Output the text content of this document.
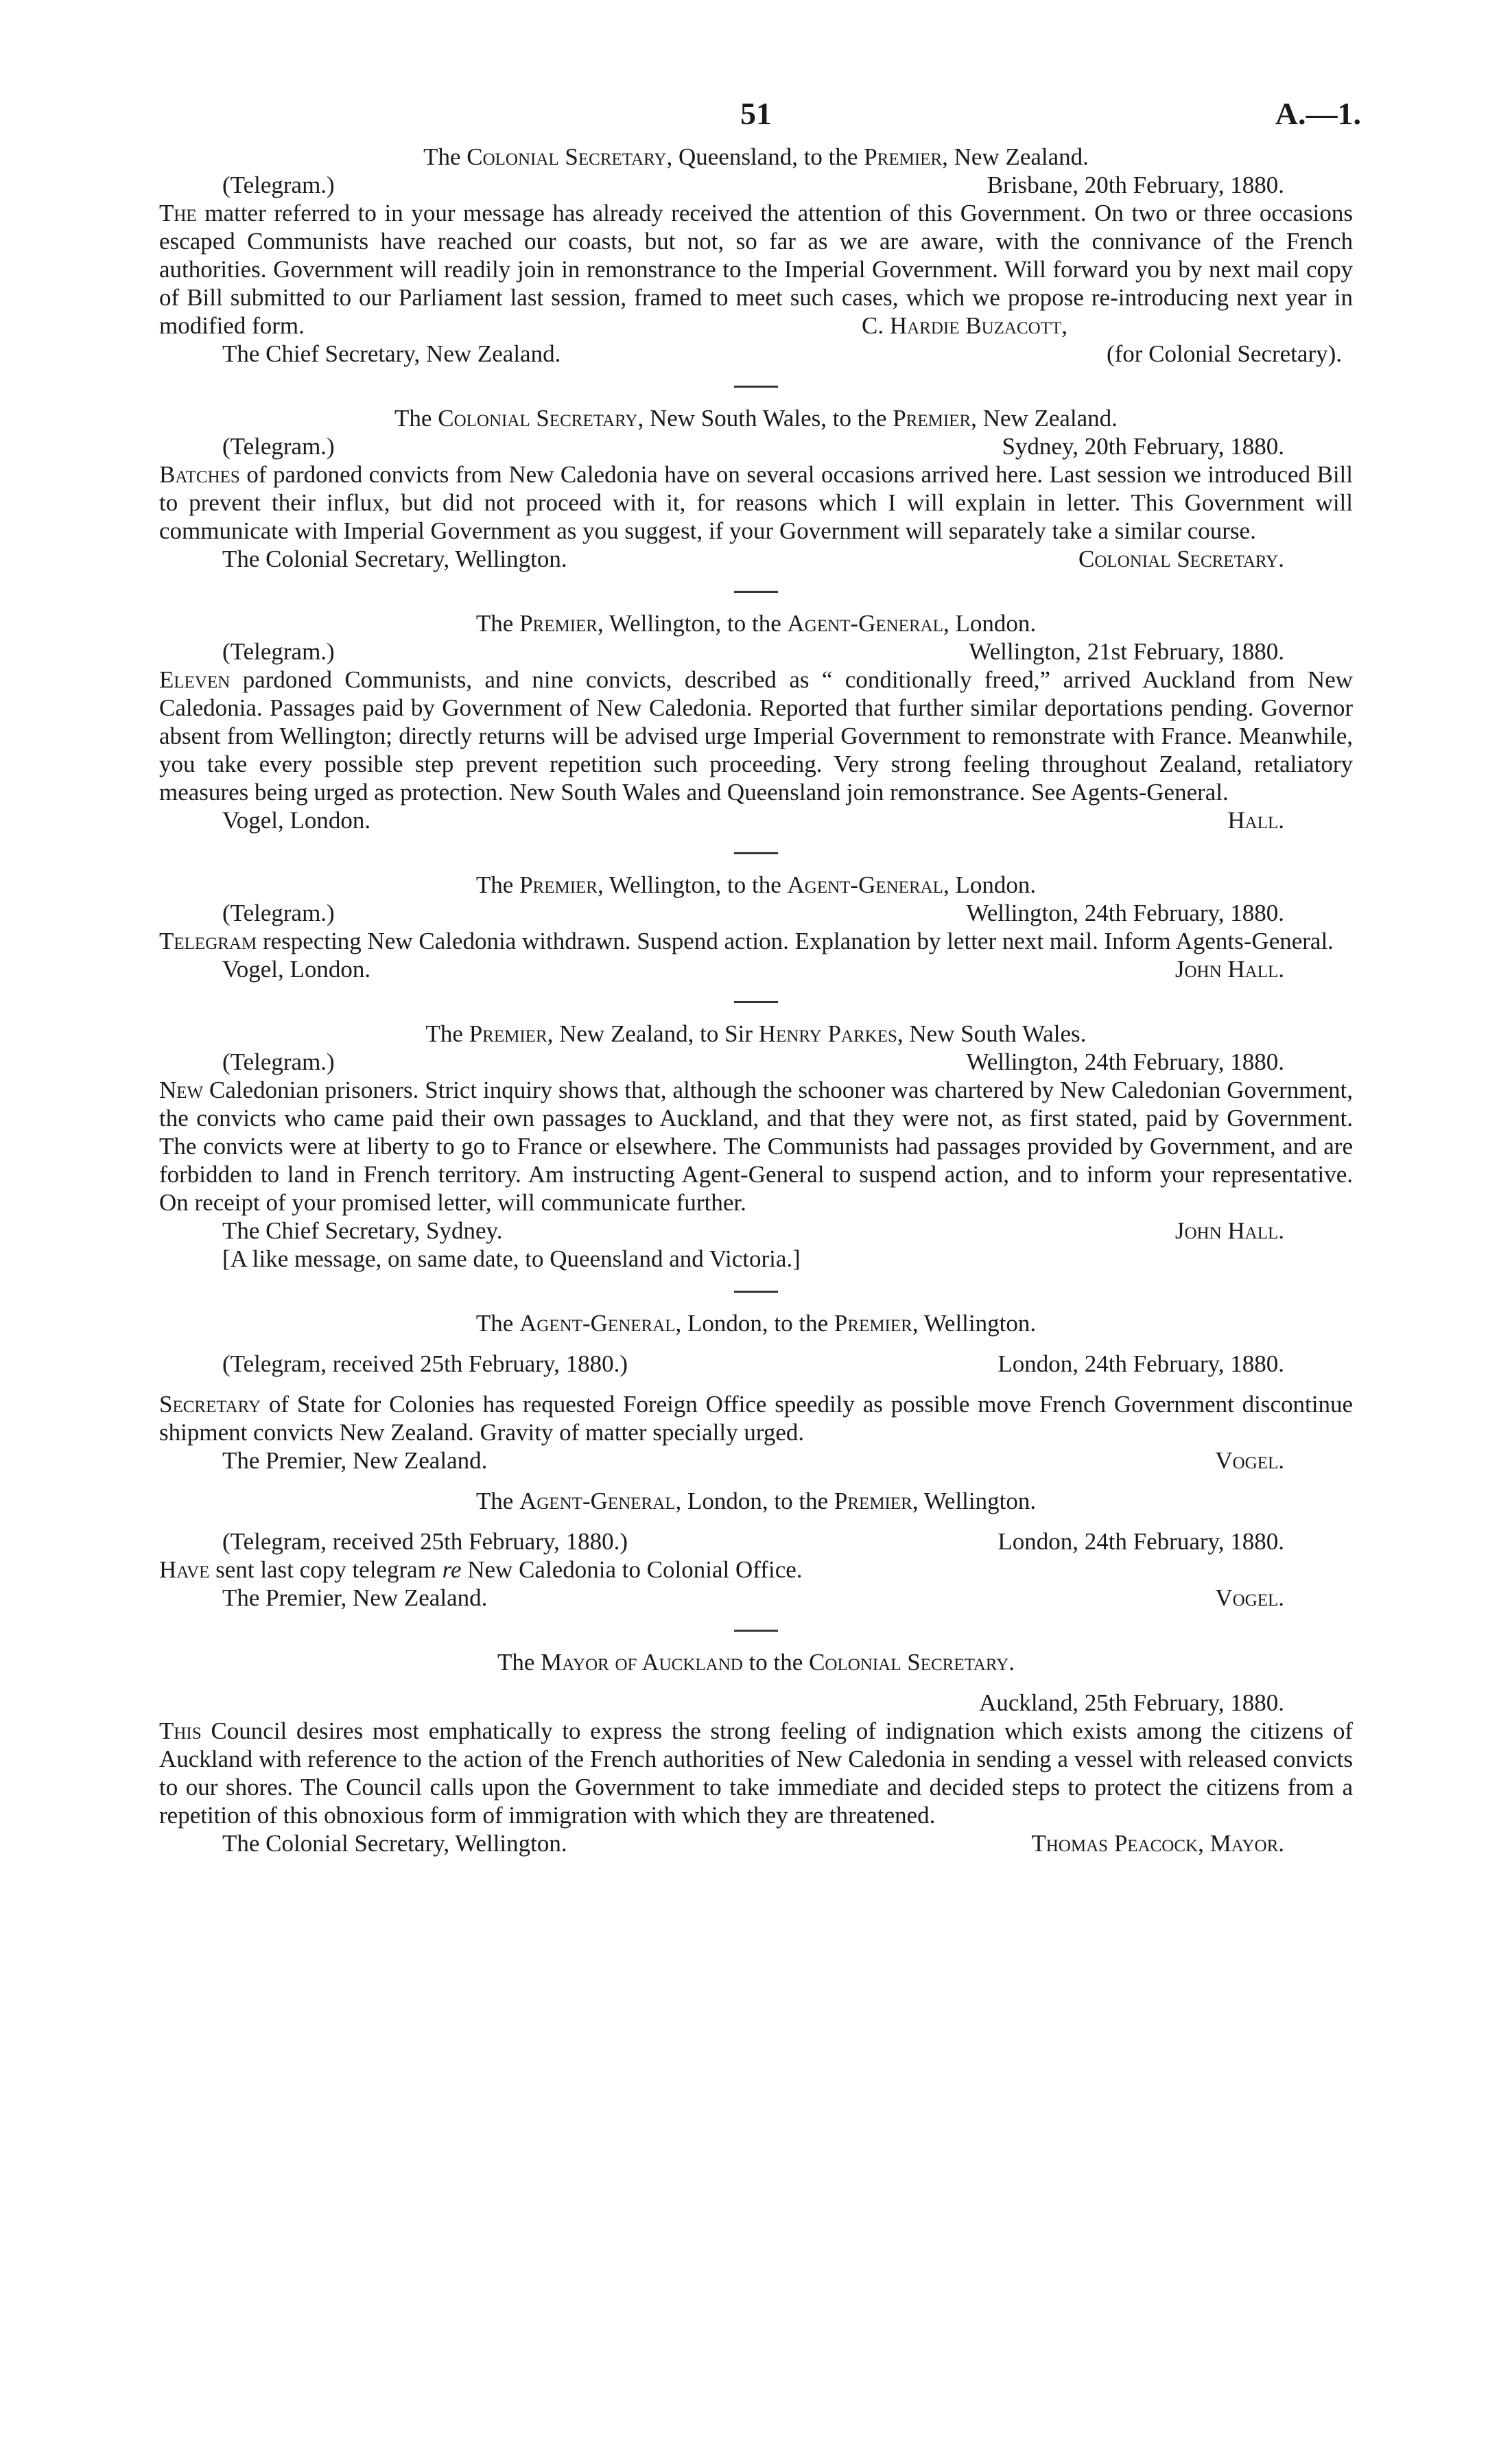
51	A.—1.

The Colonial Secretary, Queensland, to the Premier, New Zealand.

(Telegram.)	Brisbane, 20th February, 1880.

The matter referred to in your message has already received the attention of this Government. On two or three occasions escaped Communists have reached our coasts, but not, so far as we are aware, with the connivance of the French authorities. Government will readily join in remonstrance to the Imperial Government. Will forward you by next mail copy of Bill submitted to our Parliament last session, framed to meet such cases, which we propose re-introducing next year in modified form.	C. Hardie Buzacott,
The Chief Secretary, New Zealand.	(for Colonial Secretary).

The Colonial Secretary, New South Wales, to the Premier, New Zealand.

(Telegram.)	Sydney, 20th February, 1880.

Batches of pardoned convicts from New Caledonia have on several occasions arrived here. Last session we introduced Bill to prevent their influx, but did not proceed with it, for reasons which I will explain in letter. This Government will communicate with Imperial Government as you suggest, if your Government will separately take a similar course.

The Colonial Secretary, Wellington.	Colonial Secretary.

The Premier, Wellington, to the Agent-General, London.

(Telegram.)	Wellington, 21st February, 1880.

Eleven pardoned Communists, and nine convicts, described as “ conditionally freed,” arrived Auckland from New Caledonia. Passages paid by Government of New Caledonia. Reported that further similar deportations pending. Governor absent from Wellington; directly returns will be advised urge Imperial Government to remonstrate with France. Meanwhile, you take every possible step prevent repetition such proceeding. Very strong feeling throughout Zealand, retaliatory measures being urged as protection. New South Wales and Queensland join remonstrance. See Agents-General.

Vogel, London.	Hall.

The Premier, Wellington, to the Agent-General, London.

(Telegram.)	Wellington, 24th February, 1880.

Telegram respecting New Caledonia withdrawn. Suspend action. Explanation by letter next mail. Inform Agents-General.

Vogel, London.	John Hall.

The Premier, New Zealand, to Sir Henry Parkes, New South Wales.

(Telegram.)	Wellington, 24th February, 1880.

New Caledonian prisoners. Strict inquiry shows that, although the schooner was chartered by New Caledonian Government, the convicts who came paid their own passages to Auckland, and that they were not, as first stated, paid by Government. The convicts were at liberty to go to France or elsewhere. The Communists had passages provided by Government, and are forbidden to land in French territory. Am instructing Agent-General to suspend action, and to inform your representative. On receipt of your promised letter, will communicate further.

The Chief Secretary, Sydney.	John Hall.
[A like message, on same date, to Queensland and Victoria.]

The Agent-General, London, to the Premier, Wellington.

(Telegram, received 25th February, 1880.)	London, 24th February, 1880.

Secretary of State for Colonies has requested Foreign Office speedily as possible move French Government discontinue shipment convicts New Zealand. Gravity of matter specially urged.

The Premier, New Zealand.	Vogel.

The Agent-General, London, to the Premier, Wellington.

(Telegram, received 25th February, 1880.)	London, 24th February, 1880.

Have sent last copy telegram re New Caledonia to Colonial Office.

The Premier, New Zealand.	Vogel.

The Mayor of Auckland to the Colonial Secretary.

Auckland, 25th February, 1880.

This Council desires most emphatically to express the strong feeling of indignation which exists among the citizens of Auckland with reference to the action of the French authorities of New Caledonia in sending a vessel with released convicts to our shores. The Council calls upon the Government to take immediate and decided steps to protect the citizens from a repetition of this obnoxious form of immigration with which they are threatened.

The Colonial Secretary, Wellington.	Thomas Peacock, Mayor.
